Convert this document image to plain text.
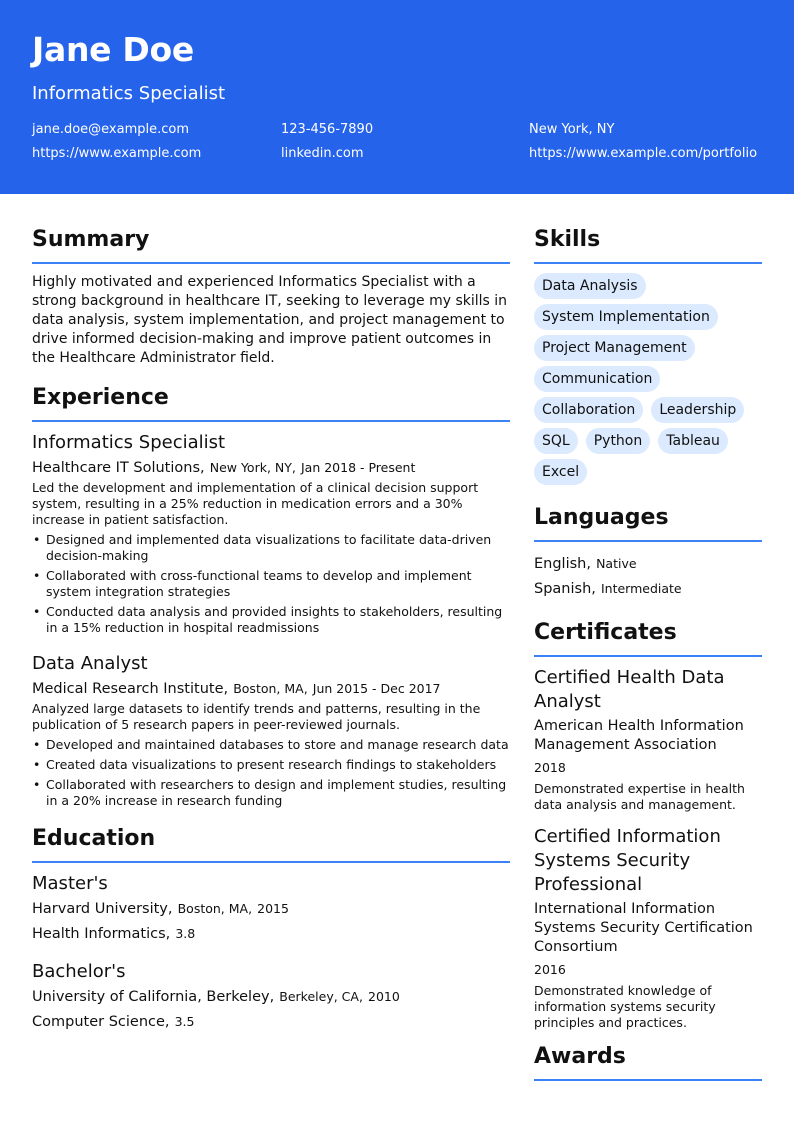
Jane Doe
Informatics Specialist
jane.doe@example.com	123-456-7890	New York, NY
https://www.example.com	linkedin.com	https://www.example.com/portfolio
Summary
Highly motivated and experienced Informatics Specialist with a strong background in healthcare IT, seeking to leverage my skills in data analysis, system implementation, and project management to drive informed decision-making and improve patient outcomes in the Healthcare Administrator field.
Experience
Informatics Specialist
Healthcare IT Solutions, New York, NY, Jan 2018 - Present
Led the development and implementation of a clinical decision support system, resulting in a 25% reduction in medication errors and a 30% increase in patient satisfaction.
• Designed and implemented data visualizations to facilitate data-driven decision-making
• Collaborated with cross-functional teams to develop and implement system integration strategies
• Conducted data analysis and provided insights to stakeholders, resulting in a 15% reduction in hospital readmissions
Data Analyst
Medical Research Institute, Boston, MA, Jun 2015 - Dec 2017
Analyzed large datasets to identify trends and patterns, resulting in the publication of 5 research papers in peer-reviewed journals.
• Developed and maintained databases to store and manage research data
• Created data visualizations to present research findings to stakeholders
• Collaborated with researchers to design and implement studies, resulting in a 20% increase in research funding
Education
Master's
Harvard University, Boston, MA, 2015
Health Informatics, 3.8
Bachelor's
University of California, Berkeley, Berkeley, CA, 2010
Computer Science, 3.5
Skills
Data Analysis
System Implementation
Project Management
Communication
Collaboration	Leadership
SQL	Python	Tableau
Excel
Languages
English, Native
Spanish, Intermediate
Certificates
Certified Health Data Analyst
American Health Information Management Association
2018
Demonstrated expertise in health data analysis and management.
Certified Information Systems Security Professional
International Information Systems Security Certification Consortium
2016
Demonstrated knowledge of information systems security principles and practices.
Awards
